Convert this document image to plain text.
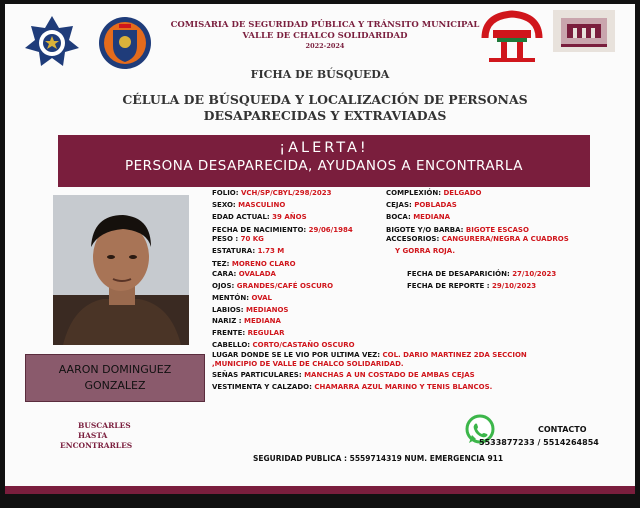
COMISARIA DE SEGURIDAD PÚBLICA Y TRÁNSITO MUNICIPAL
VALLE DE CHALCO SOLIDARIDAD
2022-2024
FICHA DE BÚSQUEDA
CÉLULA DE BÚSQUEDA Y LOCALIZACIÓN DE PERSONAS DESAPARECIDAS Y EXTRAVIADAS
¡ALERTA!
PERSONA DESAPARECIDA, AYUDANOS A ENCONTRARLA
AARON DOMINGUEZ
GONZALEZ
BUSCARLES HASTA
ENCONTRARLES
FOLIO: VCH/SP/CBYL/298/2023
SEXO: MASCULINO
EDAD ACTUAL: 39 AÑOS
FECHA DE NACIMIENTO: 29/06/1984
PESO : 70 KG
ESTATURA: 1.73 M
TEZ: MORENO CLARO
CARA: OVALADA
OJOS: GRANDES/CAFÉ OSCURO
MENTÓN: OVAL
LABIOS: MEDIANOS
NARIZ : MEDIANA
FRENTE: REGULAR
CABELLO: CORTO/CASTAÑO OSCURO
COMPLEXIÓN: DELGADO
CEJAS: POBLADAS
BOCA: MEDIANA
BIGOTE Y/O BARBA: BIGOTE ESCASO
ACCESORIOS: CANGURERA/NEGRA A CUADROS
Y GORRA ROJA.
FECHA DE DESAPARICIÓN: 27/10/2023
FECHA DE REPORTE : 29/10/2023
LUGAR DONDE SE LE VIO POR ULTIMA VEZ: COL. DARIO MARTINEZ 2DA SECCION
,MUNICIPIO DE VALLE DE CHALCO SOLIDARIDAD.
SEÑAS PARTICULARES: MANCHAS A UN COSTADO DE AMBAS CEJAS
VESTIMENTA Y CALZADO: CHAMARRA AZUL MARINO Y TENIS BLANCOS.
CONTACTO
5533877233 / 5514264854
SEGURIDAD PUBLICA : 5559714319 NUM. EMERGENCIA 911
